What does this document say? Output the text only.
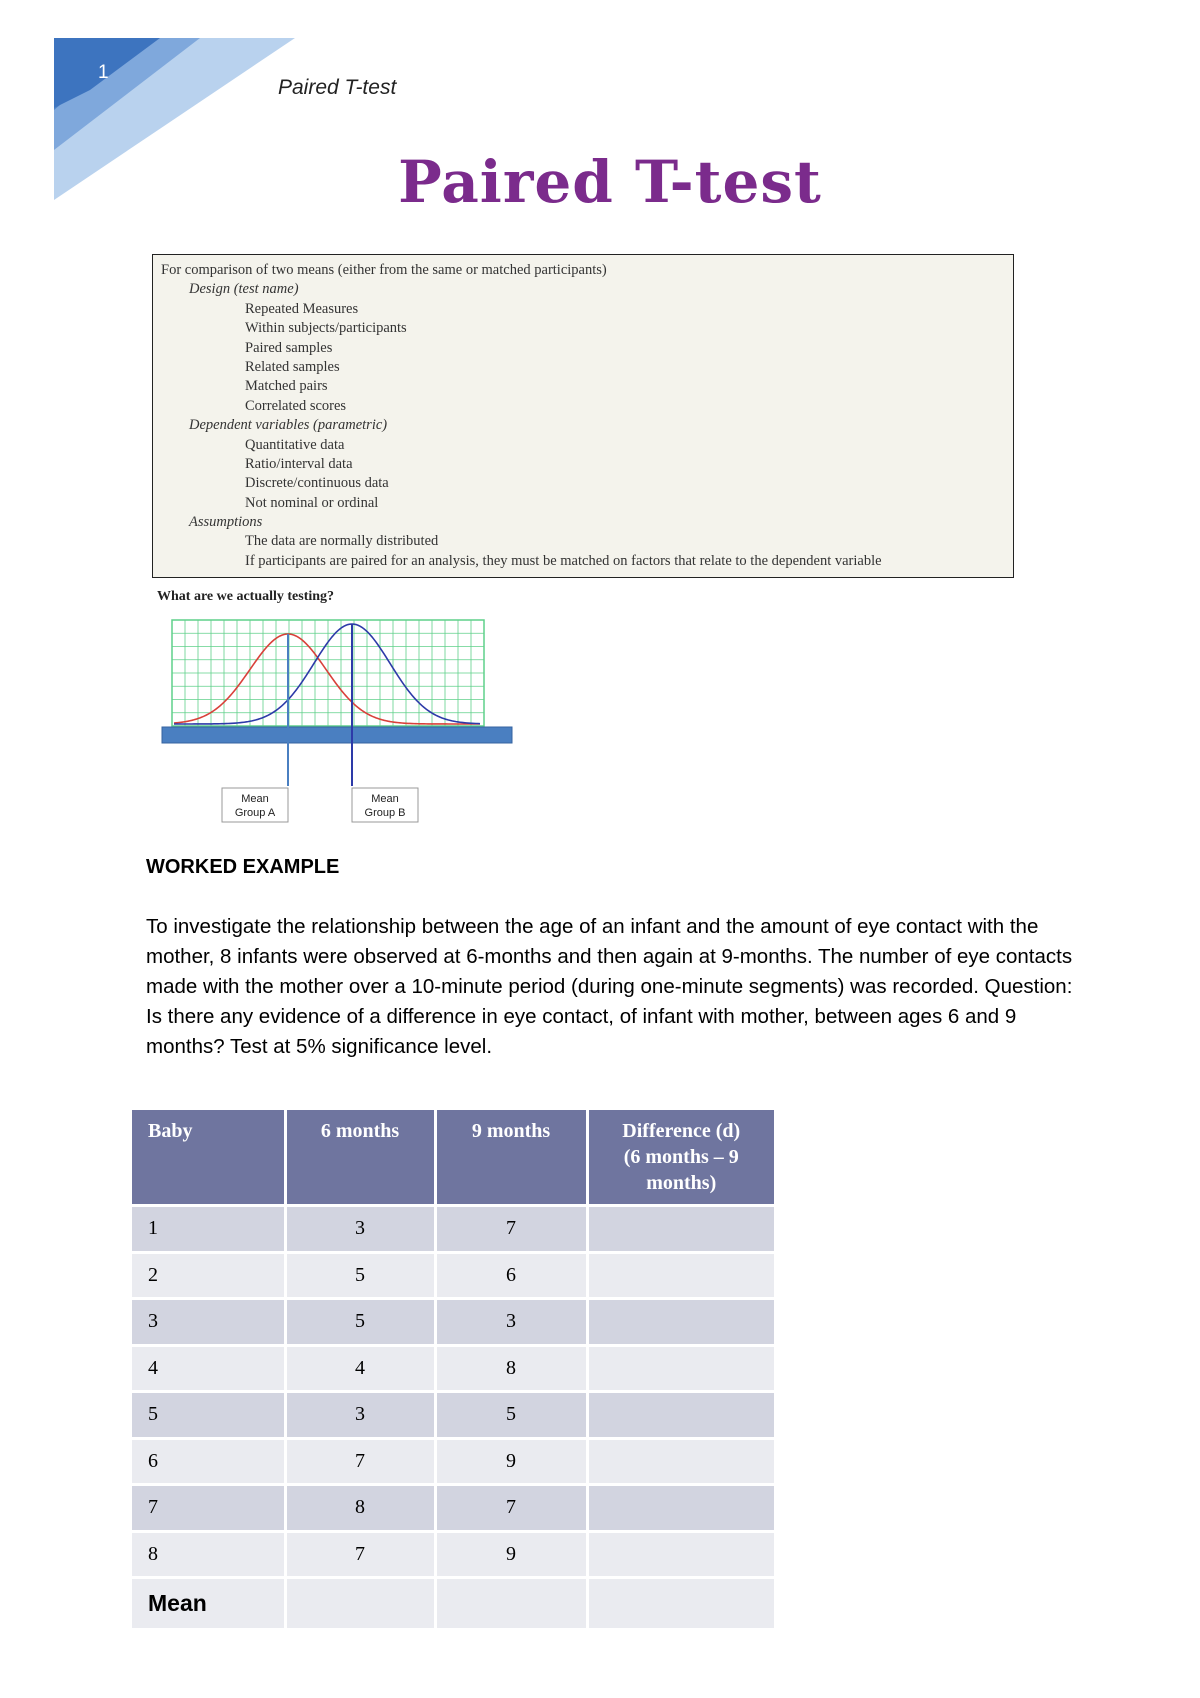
1
Paired T-test
Paired T-test
For comparison of two means (either from the same or matched participants)
Design (test name)
Repeated Measures
Within subjects/participants
Paired samples
Related samples
Matched pairs
Correlated scores
Dependent variables (parametric)
Quantitative data
Ratio/interval data
Discrete/continuous data
Not nominal or ordinal
Assumptions
The data are normally distributed
If participants are paired for an analysis, they must be matched on factors that relate to the dependent variable
What are we actually testing?
Mean
Group A
Mean
Group B
WORKED EXAMPLE
To investigate the relationship between the age of an infant and the amount of eye contact with the mother, 8 infants were observed at 6-months and then again at 9-months. The number of eye contacts made with the mother over a 10-minute period (during one-minute segments) was recorded. Question: Is there any evidence of a difference in eye contact, of infant with mother, between ages 6 and 9 months? Test at 5% significance level.
Baby	6 months	9 months	Difference (d)
(6 months – 9
months)

1	3	7	
2	5	6	
3	5	3	
4	4	8	
5	3	5	
6	7	9	
7	8	7	
8	7	9	
Mean			
